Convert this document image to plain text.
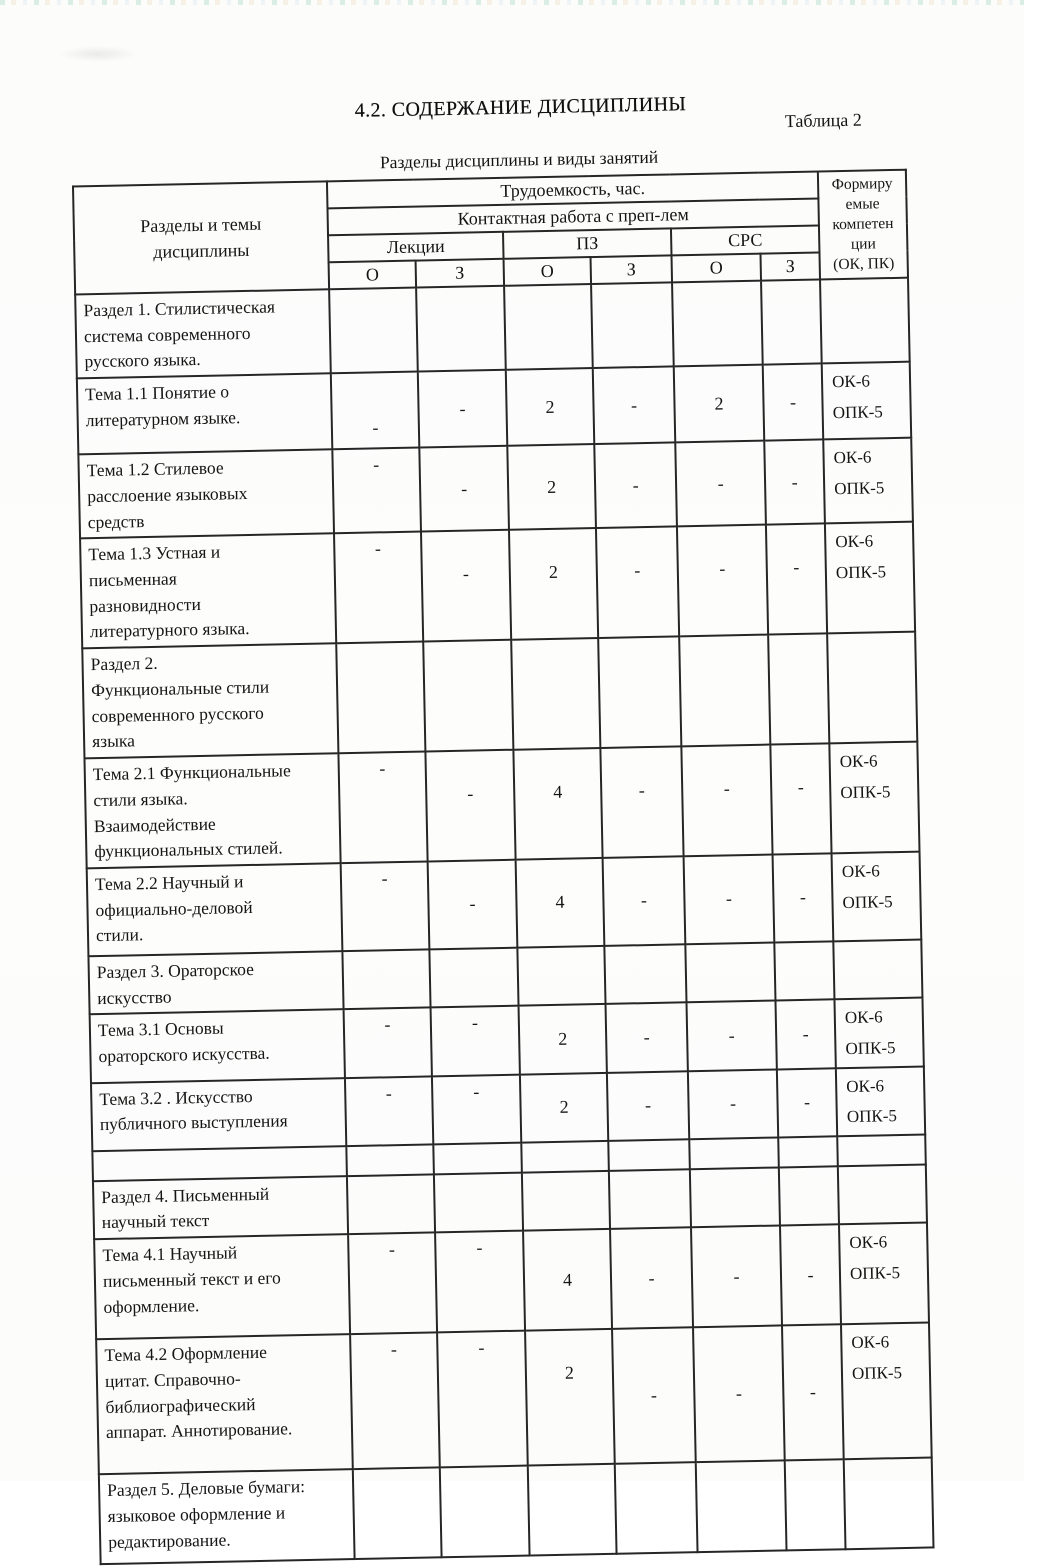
4.2. СОДЕРЖАНИЕ ДИСЦИПЛИНЫ	Таблица 2
Разделы дисциплины и виды занятий
Разделы и темы
дисциплины	Трудоемкость, час.						Формиру
емые
компетен
ции
(ОК, ПК)
	Контактная работа с преп-лем						
	Лекции		ПЗ		СРС		
	О	З	О	З	О	З	
Раздел 1. Стилистическая
система современного
русского языка.							
Тема 1.1 Понятие о
литературном языке.	-	-	2	-	2	-	ОК-6
ОПК-5
Тема 1.2 Стилевое
расслоение языковых
средств	-	-	2	-	-	-	ОК-6
ОПК-5
Тема 1.3 Устная и
письменная
разновидности
литературного языка.	-	-	2	-	-	-	ОК-6
ОПК-5
Раздел 2.
Функциональные стили
современного русского
языка							
Тема 2.1 Функциональные
стили языка.
Взаимодействие
функциональных стилей.	-	-	4	-	-	-	ОК-6
ОПК-5
Тема 2.2 Научный и
официально-деловой
стили.	-	-	4	-	-	-	ОК-6
ОПК-5
Раздел 3. Ораторское
искусство							
Тема 3.1 Основы
ораторского искусства.	-	-	2	-	-	-	ОК-6
ОПК-5
Тема 3.2 . Искусство
публичного выступления	-	-	2	-	-	-	ОК-6
ОПК-5

Раздел 4. Письменный
научный текст							
Тема 4.1 Научный
письменный текст и его
оформление.	-	-	4	-	-	-	ОК-6
ОПК-5
Тема 4.2 Оформление
цитат. Справочно-
библиографический
аппарат. Аннотирование.	-	-	2	-	-	-	ОК-6
ОПК-5
Раздел 5. Деловые бумаги:
языковое оформление и
редактирование.							
